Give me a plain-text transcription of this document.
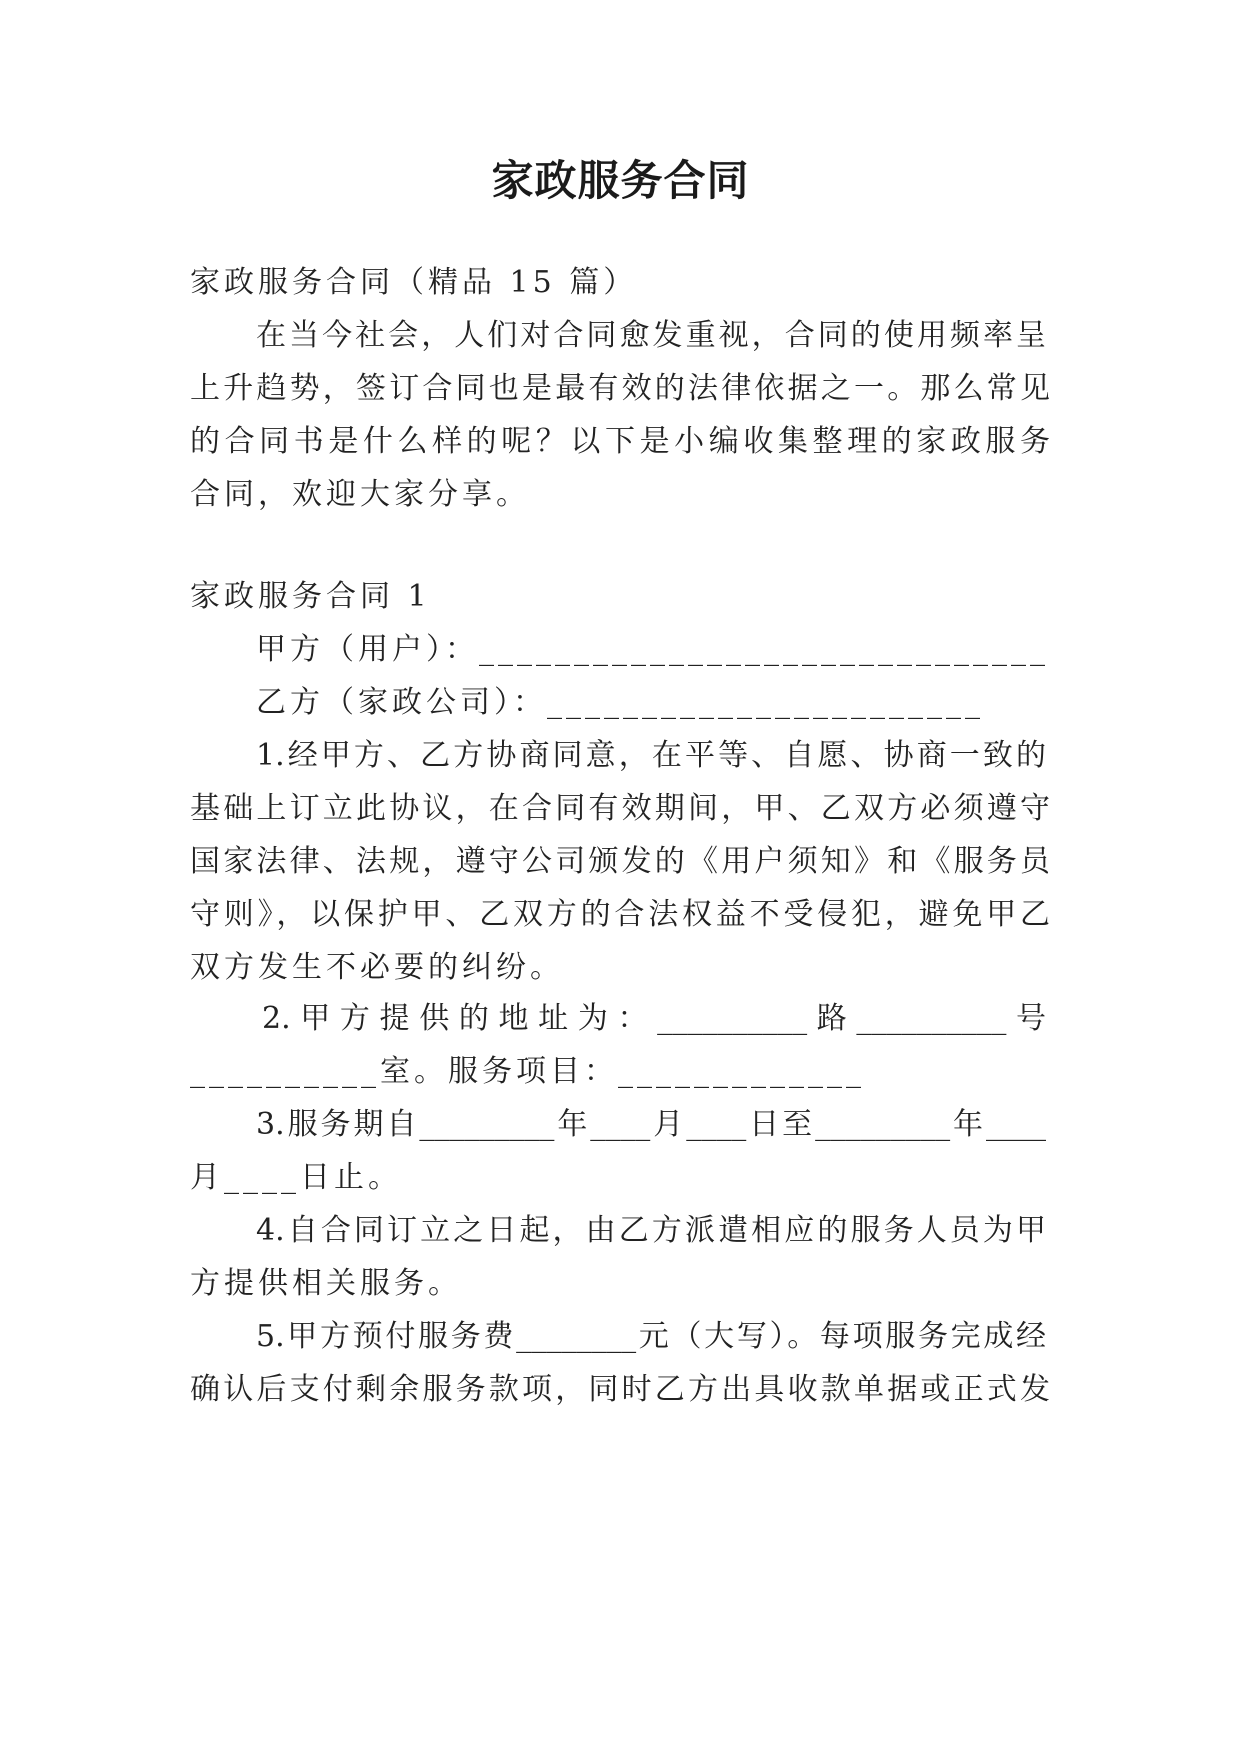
家政服务合同
家政服务合同（精品 15 篇）
在当今社会，人们对合同愈发重视，合同的使用频率呈
上升趋势，签订合同也是最有效的法律依据之一。那么常见
的合同书是什么样的呢？以下是小编收集整理的家政服务
合同，欢迎大家分享。
家政服务合同 1
甲方（用户）：______________________________
乙方（家政公司）：_______________________
1.经甲方、乙方协商同意，在平等、自愿、协商一致的
基础上订立此协议，在合同有效期间，甲、乙双方必须遵守
国家法律、法规，遵守公司颁发的《用户须知》和《服务员
守则》，以保护甲、乙双方的合法权益不受侵犯，避免甲乙
双方发生不必要的纠纷。
2. 甲 方 提 供 的 地 址 为 ： __________ 路 __________ 号
__________室。服务项目：_____________
3.服务期自_________年____月____日至_________年____
月____日止。
4.自合同订立之日起，由乙方派遣相应的服务人员为甲
方提供相关服务。
5.甲方预付服务费________元（大写）。每项服务完成经
确认后支付剩余服务款项，同时乙方出具收款单据或正式发
